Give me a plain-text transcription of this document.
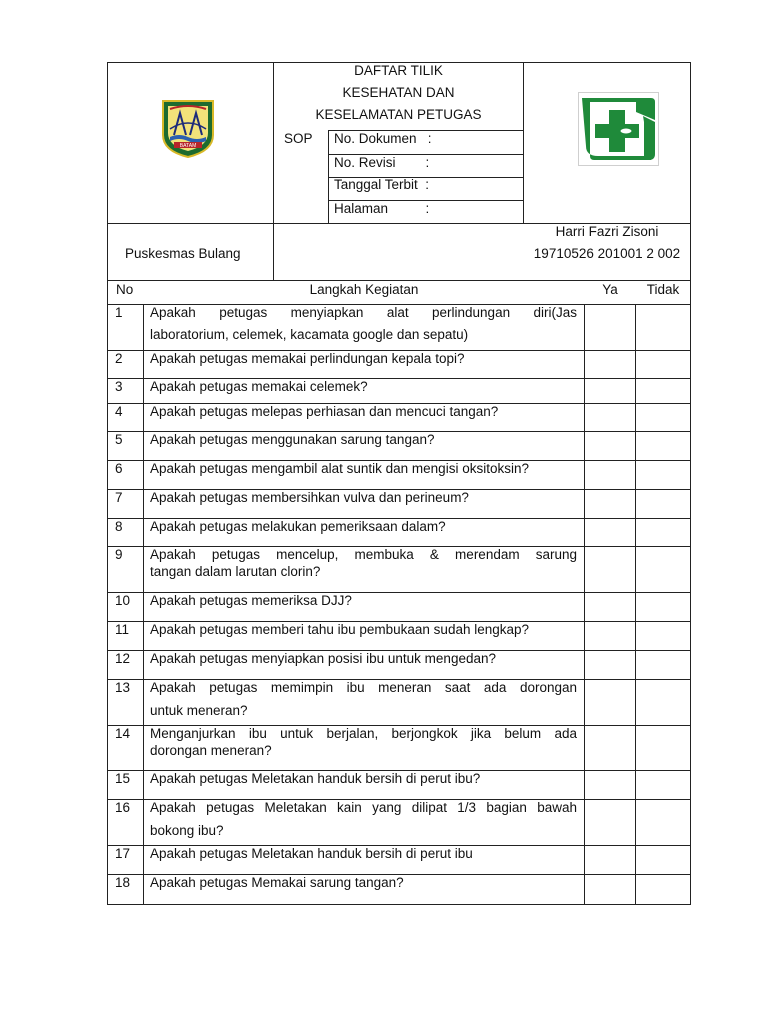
DAFTAR TILIK
KESEHATAN DAN
KESELAMATAN PETUGAS
SOP No. Dokumen   :
No. Revisi        :
Tanggal Terbit  :
Halaman          :
Puskesmas Bulang
Harri Fazri Zisoni
19710526 201001 2 002
BATAM
No	Langkah Kegiatan	Ya	Tidak
1 Apakah petugas menyiapkan alat perlindungan diri(Jas
laboratorium, celemek, kacamata google dan sepatu)
2 Apakah petugas memakai perlindungan kepala topi?
3 Apakah petugas memakai celemek?
4 Apakah petugas melepas perhiasan dan mencuci tangan?
5 Apakah petugas menggunakan sarung tangan?
6 Apakah petugas mengambil alat suntik dan mengisi oksitoksin?
7 Apakah petugas membersihkan vulva dan perineum?
8 Apakah petugas melakukan pemeriksaan dalam?
9 Apakah petugas mencelup, membuka & merendam sarung
tangan dalam larutan clorin?
10 Apakah petugas memeriksa DJJ?
11 Apakah petugas memberi tahu ibu pembukaan sudah lengkap?
12 Apakah petugas menyiapkan posisi ibu untuk mengedan?
13 Apakah petugas memimpin ibu meneran saat ada dorongan
untuk meneran?
14 Menganjurkan ibu untuk berjalan, berjongkok jika belum ada
dorongan meneran?
15 Apakah petugas Meletakan handuk bersih di perut ibu?
16 Apakah petugas Meletakan kain yang dilipat 1/3 bagian bawah
bokong ibu?
17 Apakah petugas Meletakan handuk bersih di perut ibu
18 Apakah petugas Memakai sarung tangan?
